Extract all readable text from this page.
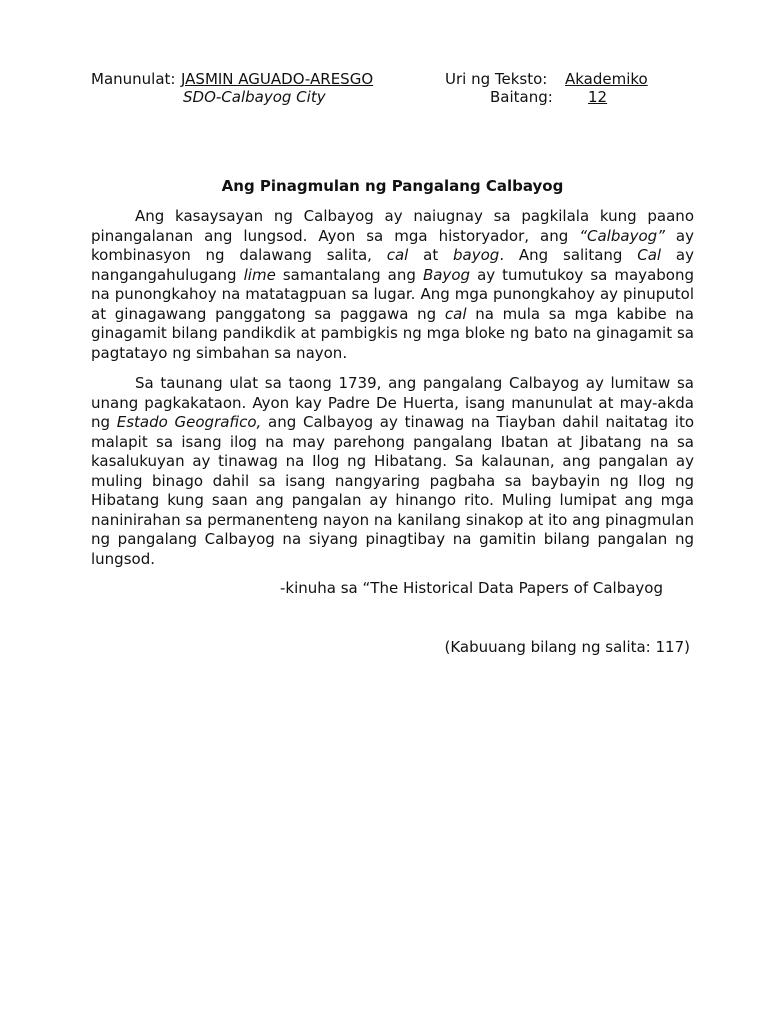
Manunulat: JASMIN AGUADO-ARESGO
SDO-Calbayog City
Uri ng Teksto: Akademiko
Baitang: 12
Ang Pinagmulan ng Pangalang Calbayog

Ang kasaysayan ng Calbayog ay naiugnay sa pagkilala kung paano pinangalanan ang lungsod. Ayon sa mga historyador, ang “Calbayog” ay kombinasyon ng dalawang salita, cal at bayog. Ang salitang Cal ay nangangahulugang lime samantalang ang Bayog ay tumutukoy sa mayabong na punongkahoy na matatagpuan sa lugar. Ang mga punongkahoy ay pinuputol at ginagawang panggatong sa paggawa ng cal na mula sa mga kabibe na ginagamit bilang pandikdik at pambigkis ng mga bloke ng bato na ginagamit sa pagtatayo ng simbahan sa nayon.

Sa taunang ulat sa taong 1739, ang pangalang Calbayog ay lumitaw sa unang pagkakataon. Ayon kay Padre De Huerta, isang manunulat at may-akda ng Estado Geografico, ang Calbayog ay tinawag na Tiayban dahil naitatag ito malapit sa isang ilog na may parehong pangalang Ibatan at Jibatang na sa kasalukuyan ay tinawag na Ilog ng Hibatang. Sa kalaunan, ang pangalan ay muling binago dahil sa isang nangyaring pagbaha sa baybayin ng Ilog ng Hibatang kung saan ang pangalan ay hinango rito. Muling lumipat ang mga naninirahan sa permanenteng nayon na kanilang sinakop at ito ang pinagmulan ng pangalang Calbayog na siyang pinagtibay na gamitin bilang pangalan ng lungsod.

-kinuha sa “The Historical Data Papers of Calbayog
(Kabuuang bilang ng salita: 117)
